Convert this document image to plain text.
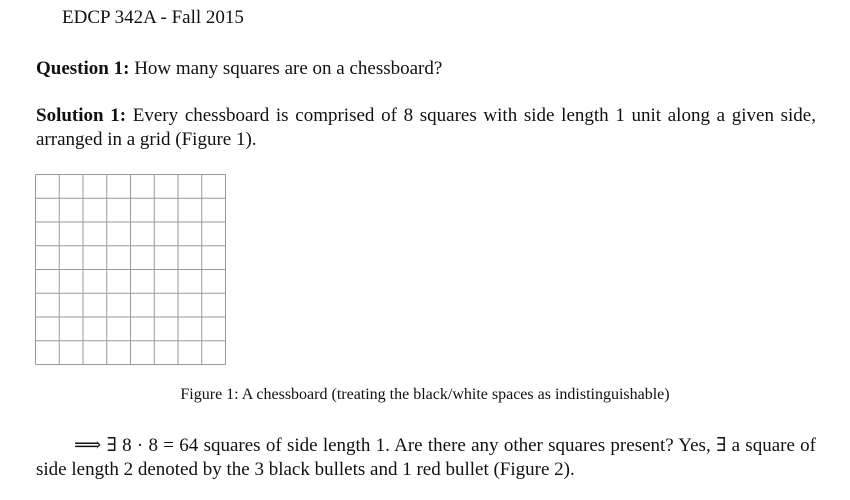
EDCP 342A - Fall 2015
Question 1: How many squares are on a chessboard?
Solution 1: Every chessboard is comprised of 8 squares with side length 1 unit along a given side, arranged in a grid (Figure 1).
Figure 1: A chessboard (treating the black/white spaces as indistinguishable)
⟹ ∃ 8 · 8 = 64 squares of side length 1. Are there any other squares present? Yes, ∃ a square of side length 2 denoted by the 3 black bullets and 1 red bullet (Figure 2).
